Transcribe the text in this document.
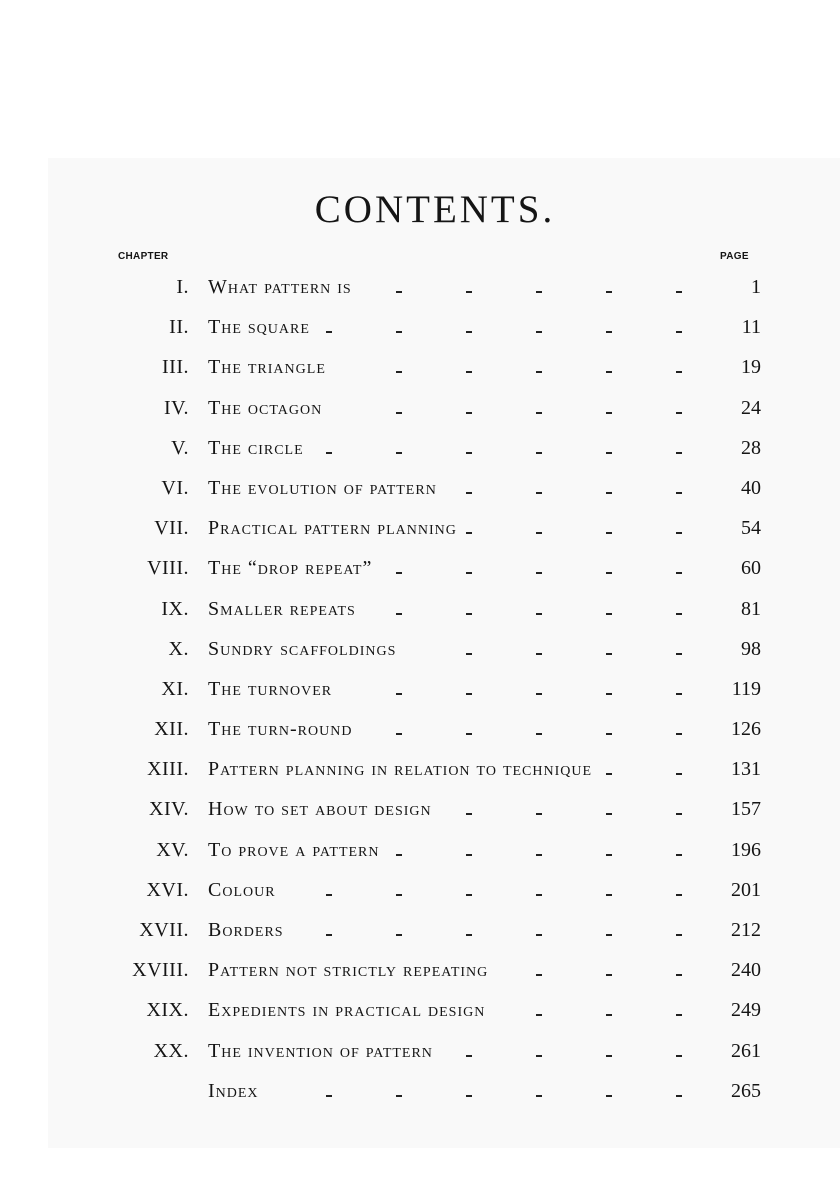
CONTENTS.
CHAPTER	PAGE
I. What pattern is	1
II. The square	11
III. The triangle	19
IV. The octagon	24
V. The circle	28
VI. The evolution of pattern	40
VII. Practical pattern planning	54
VIII. The “drop repeat”	60
IX. Smaller repeats	81
X. Sundry scaffoldings	98
XI. The turnover	119
XII. The turn-round	126
XIII. Pattern planning in relation to technique	131
XIV. How to set about design	157
XV. To prove a pattern	196
XVI. Colour	201
XVII. Borders	212
XVIII. Pattern not strictly repeating	240
XIX. Expedients in practical design	249
XX. The invention of pattern	261
Index	265
